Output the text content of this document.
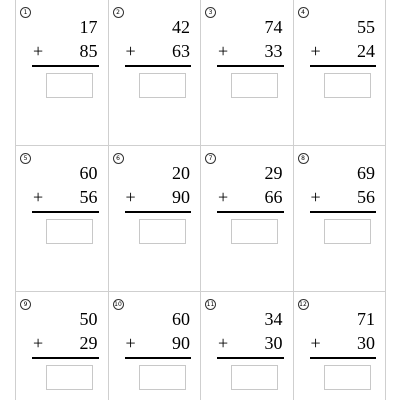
1
17
+ 85
2
42
+ 63
3
74
+ 33
4
55
+ 24
5
60
+ 56
6
20
+ 90
7
29
+ 66
8
69
+ 56
9
50
+ 29
10
60
+ 90
11
34
+ 30
12
71
+ 30
